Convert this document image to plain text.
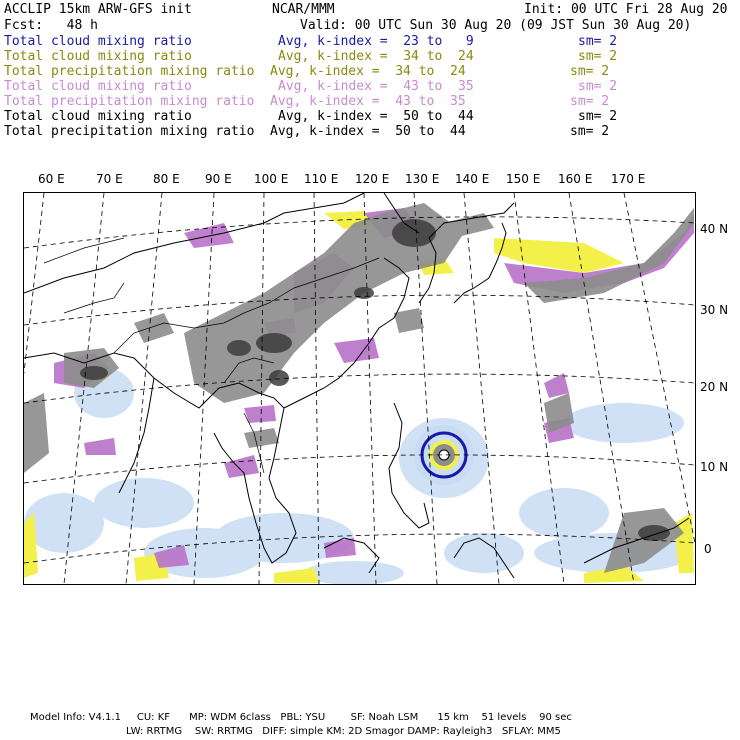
ACCLIP 15km ARW-GFS init	NCAR/MMM	Init: 00 UTC Fri 28 Aug 20
Fcst:   48 h	Valid: 00 UTC Sun 30 Aug 20 (09 JST Sun 30 Aug 20)
Total cloud mixing ratio	Avg, k-index =  23 to   9	sm= 2
Total cloud mixing ratio	Avg, k-index =  34 to  24	sm= 2
Total precipitation mixing ratio Avg, k-index =  34 to  24	sm= 2
Total cloud mixing ratio	Avg, k-index =  43 to  35	sm= 2
Total precipitation mixing ratio Avg, k-index =  43 to  35	sm= 2
Total cloud mixing ratio	Avg, k-index =  50 to  44	sm= 2
Total precipitation mixing ratio Avg, k-index =  50 to  44	sm= 2
60 E	70 E	80 E 90 E 100 E 110 E 120 E 130 E 140 E 150 E 160 E 170 E
40 N
30 N
20 N
10 N
0
Model Info: V4.1.1     CU: KF      MP: WDM 6class   PBL: YSU        SF: Noah LSM      15 km    51 levels    90 sec
LW: RRTMG    SW: RRTMG   DIFF: simple KM: 2D Smagor DAMP: Rayleigh3   SFLAY: MM5
